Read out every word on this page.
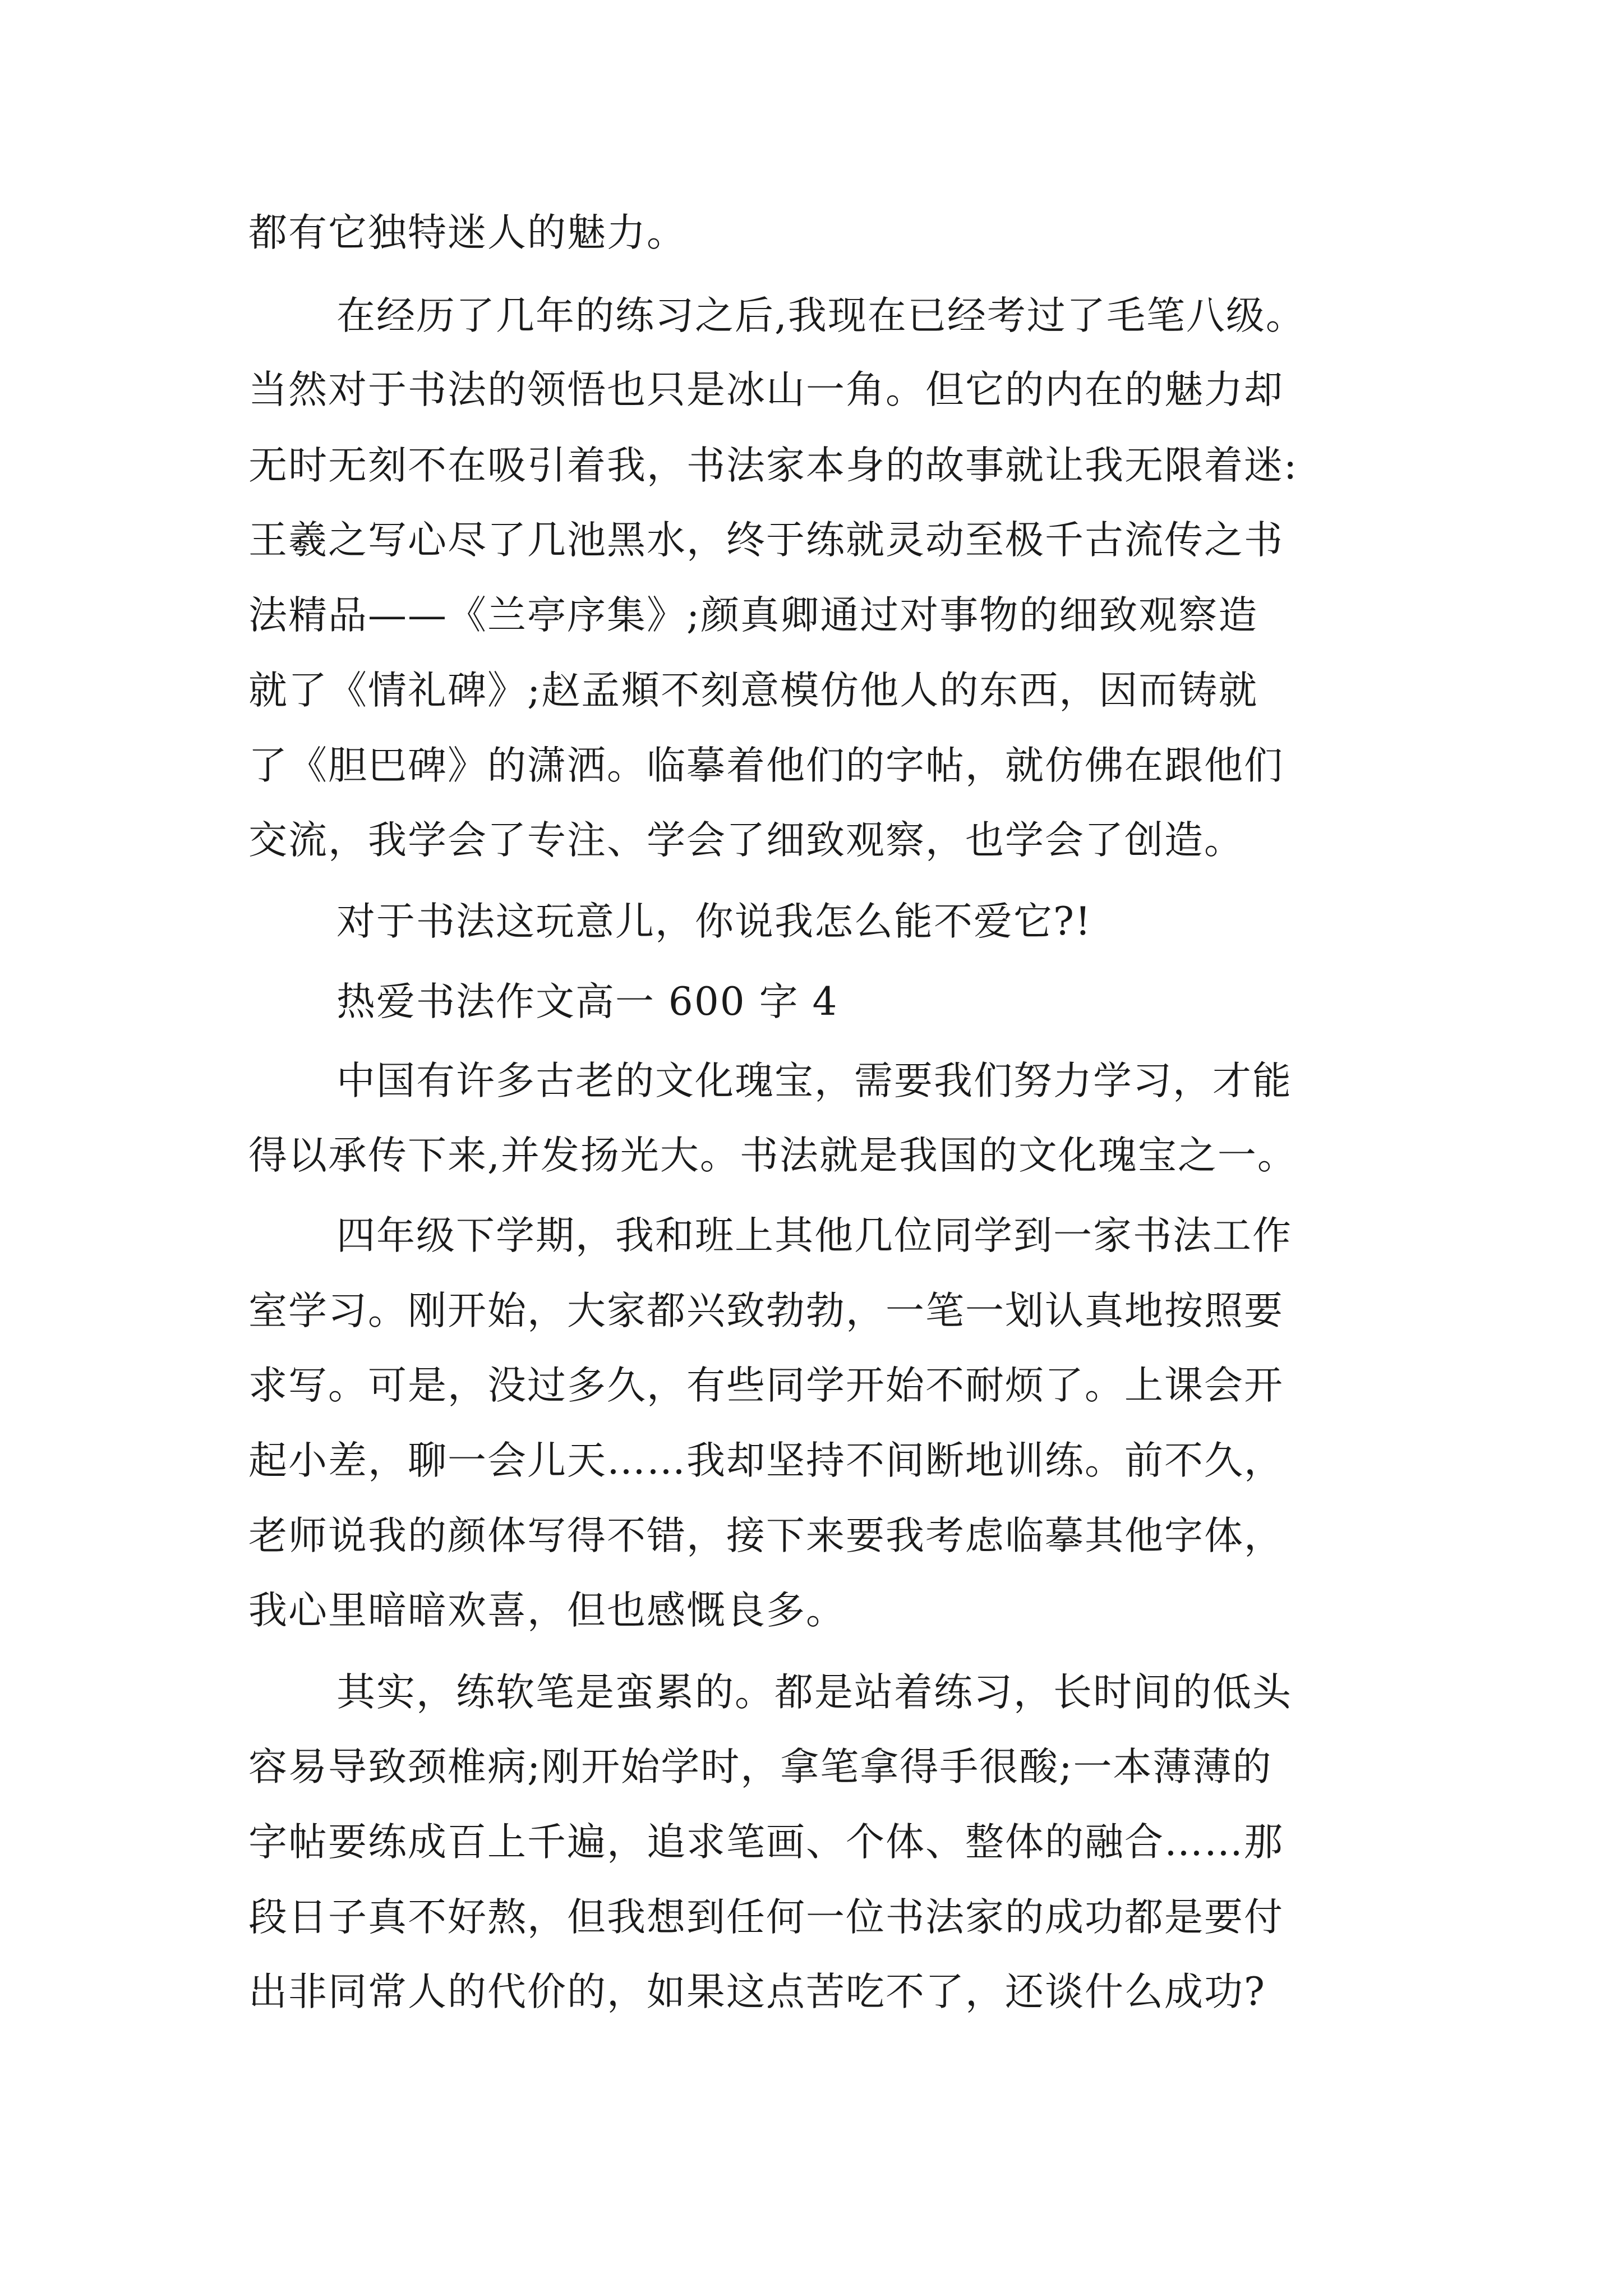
都有它独特迷人的魅力。
在经历了几年的练习之后,我现在已经考过了毛笔八级。
当然对于书法的领悟也只是冰山一角。但它的内在的魅力却
无时无刻不在吸引着我，书法家本身的故事就让我无限着迷:
王羲之写心尽了几池黑水，终于练就灵动至极千古流传之书
法精品——《兰亭序集》;颜真卿通过对事物的细致观察造
就了《情礼碑》;赵孟頫不刻意模仿他人的东西，因而铸就
了《胆巴碑》的潇洒。临摹着他们的字帖，就仿佛在跟他们
交流，我学会了专注、学会了细致观察，也学会了创造。
对于书法这玩意儿，你说我怎么能不爱它?!
热爱书法作文高一 600 字 4
中国有许多古老的文化瑰宝，需要我们努力学习，才能
得以承传下来,并发扬光大。书法就是我国的文化瑰宝之一。
四年级下学期，我和班上其他几位同学到一家书法工作
室学习。刚开始，大家都兴致勃勃，一笔一划认真地按照要
求写。可是，没过多久，有些同学开始不耐烦了。上课会开
起小差，聊一会儿天……我却坚持不间断地训练。前不久，
老师说我的颜体写得不错，接下来要我考虑临摹其他字体，
我心里暗暗欢喜，但也感慨良多。
其实，练软笔是蛮累的。都是站着练习，长时间的低头
容易导致颈椎病;刚开始学时，拿笔拿得手很酸;一本薄薄的
字帖要练成百上千遍，追求笔画、个体、整体的融合……那
段日子真不好熬，但我想到任何一位书法家的成功都是要付
出非同常人的代价的，如果这点苦吃不了，还谈什么成功?
